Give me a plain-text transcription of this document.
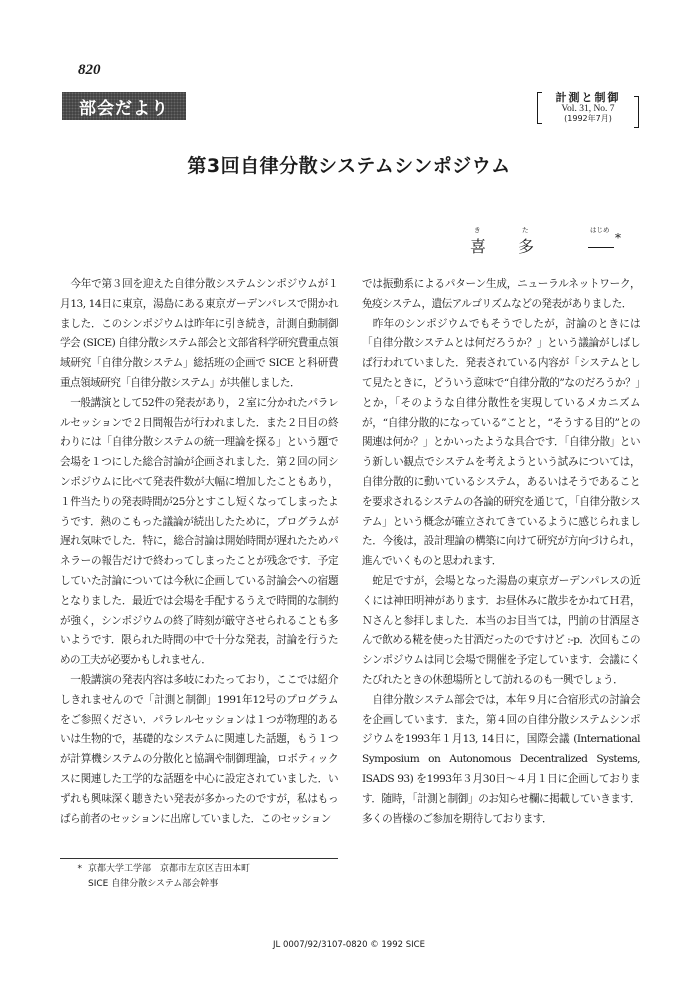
820
部会だより
計測と制御
Vol. 31, No. 7
(1992年7月)
第3回自律分散システムシンポジウム
き	た	はじめ
喜 多	*
　今年で第３回を迎えた自律分散システムシンポジウムが１月13, 14日に東京，湯島にある東京ガーデンパレスで開かれました．このシンポジウムは昨年に引き続き，計測自動制御学会 (SICE) 自律分散システム部会と文部省科学研究費重点領域研究「自律分散システム」総括班の企画で SICE と科研費重点領域研究「自律分散システム」が共催しました．
　一般講演として52件の発表があり，２室に分かれたパラレルセッションで２日間報告が行われました．また２日目の終わりには「自律分散システムの統一理論を探る」という題で会場を１つにした総合討論が企画されました．第２回の同シンポジウムに比べて発表件数が大幅に増加したこともあり，１件当たりの発表時間が25分とすこし短くなってしまったようです．熱のこもった議論が続出したために，プログラムが遅れ気味でした．特に，総合討論は開始時間が遅れたためパネラーの報告だけで終わってしまったことが残念です．予定していた討論については今秋に企画している討論会への宿題となりました．最近では会場を手配するうえで時間的な制約が強く，シンポジウムの終了時刻が厳守させられることも多いようです．限られた時間の中で十分な発表，討論を行うための工夫が必要かもしれません．
　一般講演の発表内容は多岐にわたっており，ここでは紹介しきれませんので「計測と制御」1991年12号のプログラムをご参照ください．パラレルセッションは１つが物理的あるいは生物的で，基礎的なシステムに関連した話題，もう１つが計算機システムの分散化と協調や制御理論，ロボティックスに関連した工学的な話題を中心に設定されていました．いずれも興味深く聴きたい発表が多かったのですが，私はもっぱら前者のセッションに出席していました．このセッション
では振動系によるパターン生成，ニューラルネットワーク，免疫システム，遺伝アルゴリズムなどの発表がありました．
　昨年のシンポジウムでもそうでしたが，討論のときには「自律分散システムとは何だろうか？」という議論がしばしば行われていました．発表されている内容が「システムとして見たときに，どういう意味で“自律分散的”なのだろうか？」とか，「そのような自律分散性を実現しているメカニズムが，“自律分散的になっている”ことと，“そうする目的”との関連は何か？」とかいったような具合です．「自律分散」という新しい観点でシステムを考えようという試みについては，自律分散的に動いているシステム，あるいはそうであることを要求されるシステムの各論的研究を通じて，「自律分散システム」という概念が確立されてきているように感じられました．今後は，設計理論の構築に向けて研究が方向づけられ，進んでいくものと思われます．
　蛇足ですが，会場となった湯島の東京ガーデンパレスの近くには神田明神があります．お昼休みに散歩をかねてＨ君，Ｎさんと参拝しました．本当のお目当ては，門前の甘酒屋さんで飲める糀を使った甘酒だったのですけど :-p．次回もこのシンポジウムは同じ会場で開催を予定しています．会議にくたびれたときの休憩場所として訪れるのも一興でしょう．
　自律分散システム部会では，本年９月に合宿形式の討論会を企画しています．また，第４回の自律分散システムシンポジウムを1993年１月13, 14日に，国際会議 (International Symposium on Autonomous Decentralized Systems, ISADS 93) を1993年３月30日〜４月１日に企画しております．随時，「計測と制御」のお知らせ欄に掲載していきます．多くの皆様のご参加を期待しております．
* 京都大学工学部　京都市左京区吉田本町
SICE 自律分散システム部会幹事
JL 0007/92/3107-0820 © 1992 SICE
